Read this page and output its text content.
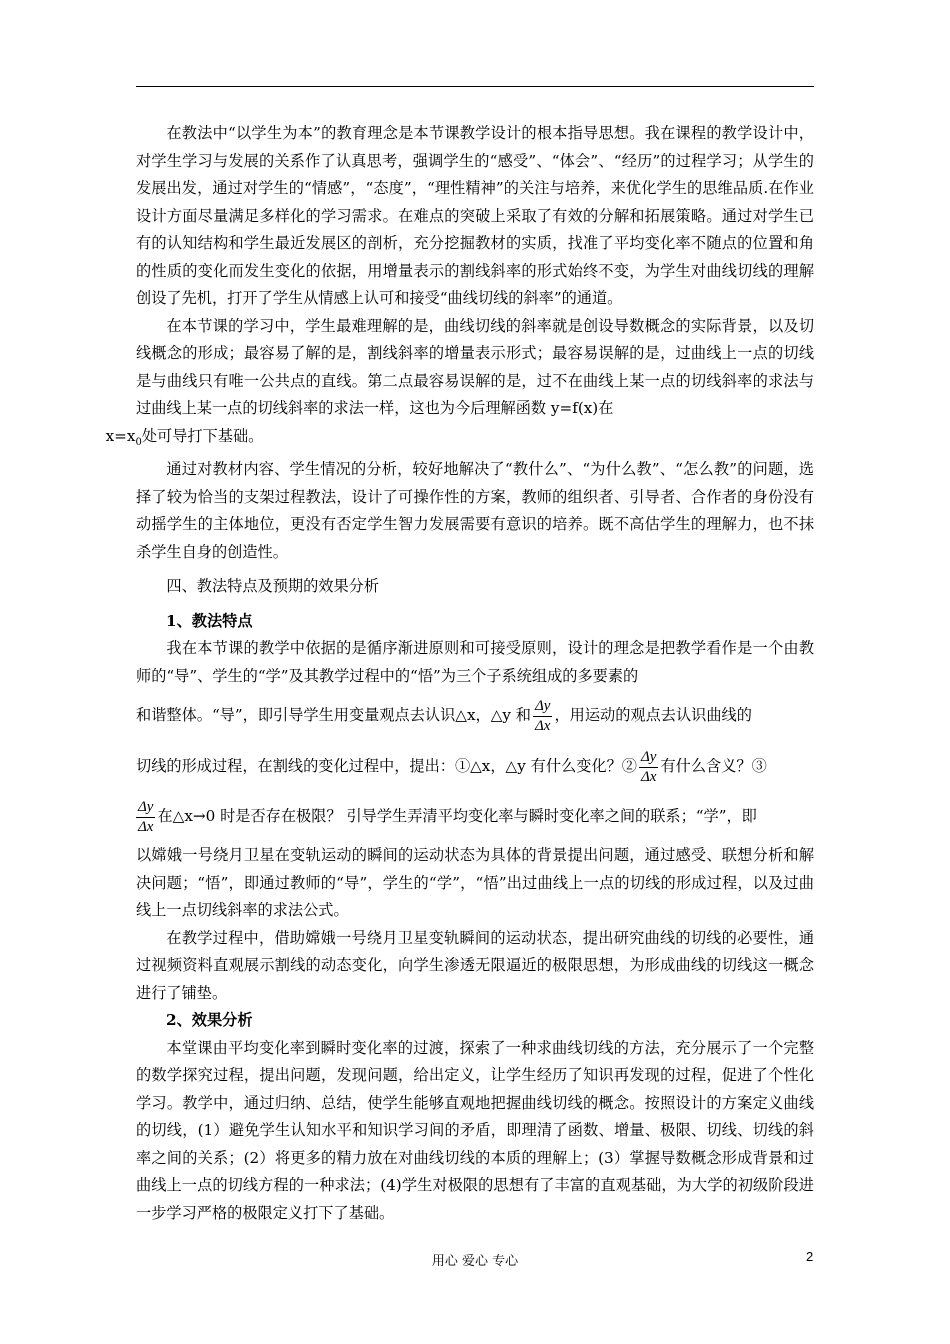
在教法中“以学生为本”的教育理念是本节课教学设计的根本指导思想。我在课程的教学设计中，对学生学习与发展的关系作了认真思考，强调学生的“感受”、“体会”、“经历”的过程学习；从学生的发展出发，通过对学生的“情感”，“态度”，“理性精神”的关注与培养，来优化学生的思维品质.在作业设计方面尽量满足多样化的学习需求。在难点的突破上采取了有效的分解和拓展策略。通过对学生已有的认知结构和学生最近发展区的剖析，充分挖掘教材的实质，找准了平均变化率不随点的位置和角的性质的变化而发生变化的依据，用增量表示的割线斜率的形式始终不变，为学生对曲线切线的理解创设了先机，打开了学生从情感上认可和接受“曲线切线的斜率”的通道。

在本节课的学习中，学生最难理解的是，曲线切线的斜率就是创设导数概念的实际背景，以及切线概念的形成；最容易了解的是，割线斜率的增量表示形式；最容易误解的是，过曲线上一点的切线是与曲线只有唯一公共点的直线。第二点最容易误解的是，过不在曲线上某一点的切线斜率的求法与过曲线上某一点的切线斜率的求法一样，这也为今后理解函数 y=f(x)在
$x=x_0$处可导打下基础。

通过对教材内容、学生情况的分析，较好地解决了“教什么”、“为什么教”、“怎么教”的问题，选择了较为恰当的支架过程教法，设计了可操作性的方案，教师的组织者、引导者、合作者的身份没有动摇学生的主体地位，更没有否定学生智力发展需要有意识的培养。既不高估学生的理解力，也不抹杀学生自身的创造性。

四、教法特点及预期的效果分析

1、教法特点

我在本节课的教学中依据的是循序渐进原则和可接受原则，设计的理念是把教学看作是一个由教师的“导”、学生的“学”及其教学过程中的“悟”为三个子系统组成的多要素的

和谐整体。“导”，即引导学生用变量观点去认识△x，△y 和 $\frac{\Delta y}{\Delta x}$ ，用运动的观点去认识曲线的
切线的形成过程，在割线的变化过程中，提出：①△x，△y 有什么变化？② $\frac{\Delta y}{\Delta x}$ 有什么含义？③
$\frac{\Delta y}{\Delta x}$ 在△x→0 时是否存在极限？ 引导学生弄清平均变化率与瞬时变化率之间的联系；“学”，即

以嫦娥一号绕月卫星在变轨运动的瞬间的运动状态为具体的背景提出问题，通过感受、联想分析和解决问题；“悟”，即通过教师的“导”，学生的“学”，“悟”出过曲线上一点的切线的形成过程，以及过曲线上一点切线斜率的求法公式。

在教学过程中，借助嫦娥一号绕月卫星变轨瞬间的运动状态，提出研究曲线的切线的必要性，通过视频资料直观展示割线的动态变化，向学生渗透无限逼近的极限思想，为形成曲线的切线这一概念进行了铺垫。

2、效果分析

本堂课由平均变化率到瞬时变化率的过渡，探索了一种求曲线切线的方法，充分展示了一个完整的数学探究过程，提出问题，发现问题，给出定义，让学生经历了知识再发现的过程，促进了个性化学习。教学中，通过归纳、总结，使学生能够直观地把握曲线切线的概念。按照设计的方案定义曲线的切线，(1）避免学生认知水平和知识学习间的矛盾，即理清了函数、增量、极限、切线、切线的斜率之间的关系；(2）将更多的精力放在对曲线切线的本质的理解上；(3）掌握导数概念形成背景和过曲线上一点的切线方程的一种求法；(4)学生对极限的思想有了丰富的直观基础，为大学的初级阶段进一步学习严格的极限定义打下了基础。

用心 爱心 专心	2
